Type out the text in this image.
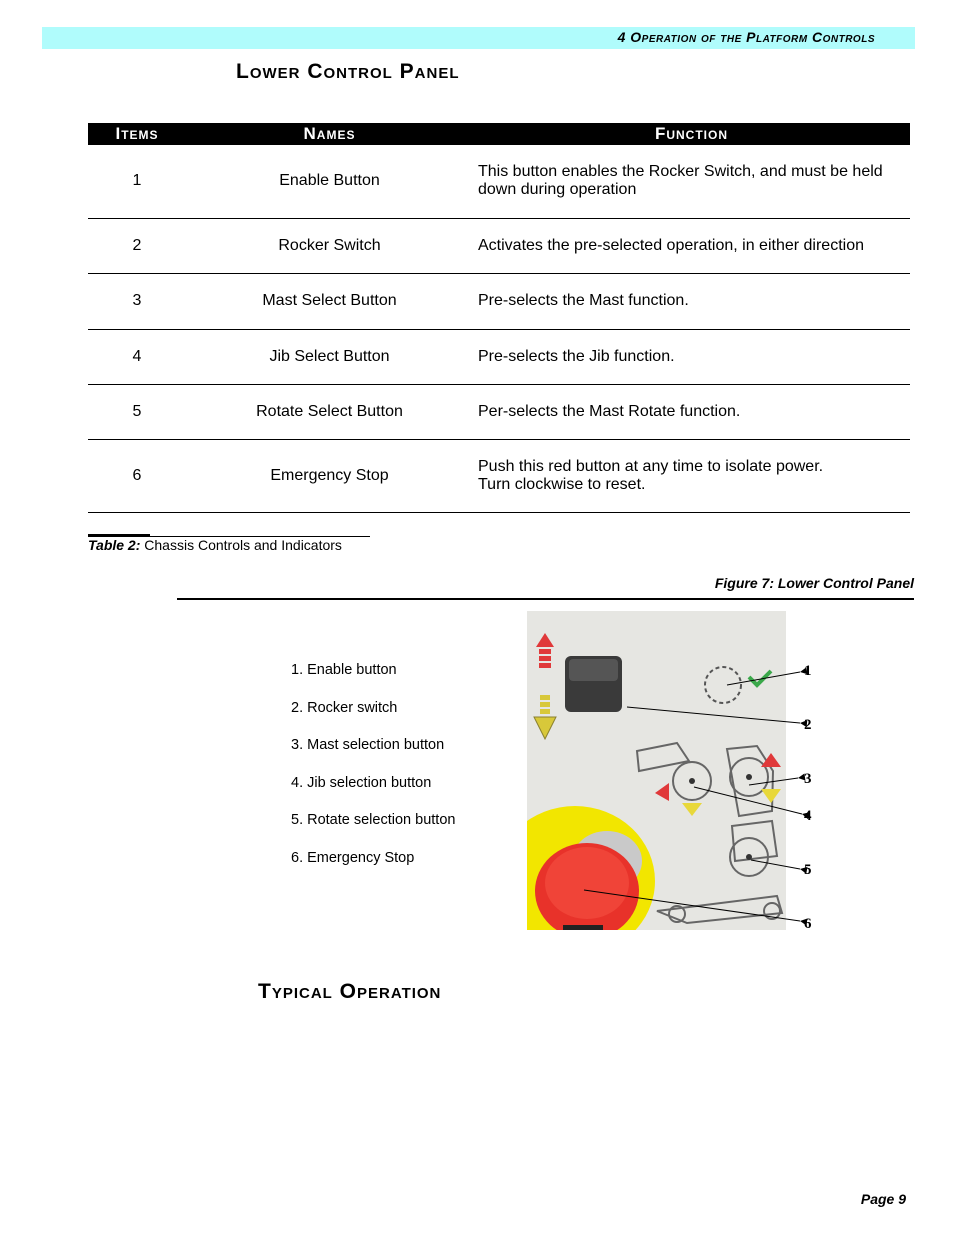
4 Operation of the Platform Controls
Lower Control Panel
Items	Names	Function
1	Enable Button	This button enables the Rocker Switch, and must be held down during operation
2	Rocker Switch	Activates the pre-selected operation, in either direction
3	Mast Select Button	Pre-selects the Mast function.
4	Jib Select Button	Pre-selects the Jib function.
5	Rotate Select Button	Per-selects the Mast Rotate function.
6	Emergency Stop	Push this red button at any time to isolate power.
Turn clockwise to reset.
Table 2: Chassis Controls and Indicators
Figure 7: Lower Control Panel
1. Enable button
2. Rocker switch
3. Mast selection button
4. Jib selection button
5. Rotate selection button
6. Emergency Stop
1
2
3
4
5
6
Typical Operation
Page 9
